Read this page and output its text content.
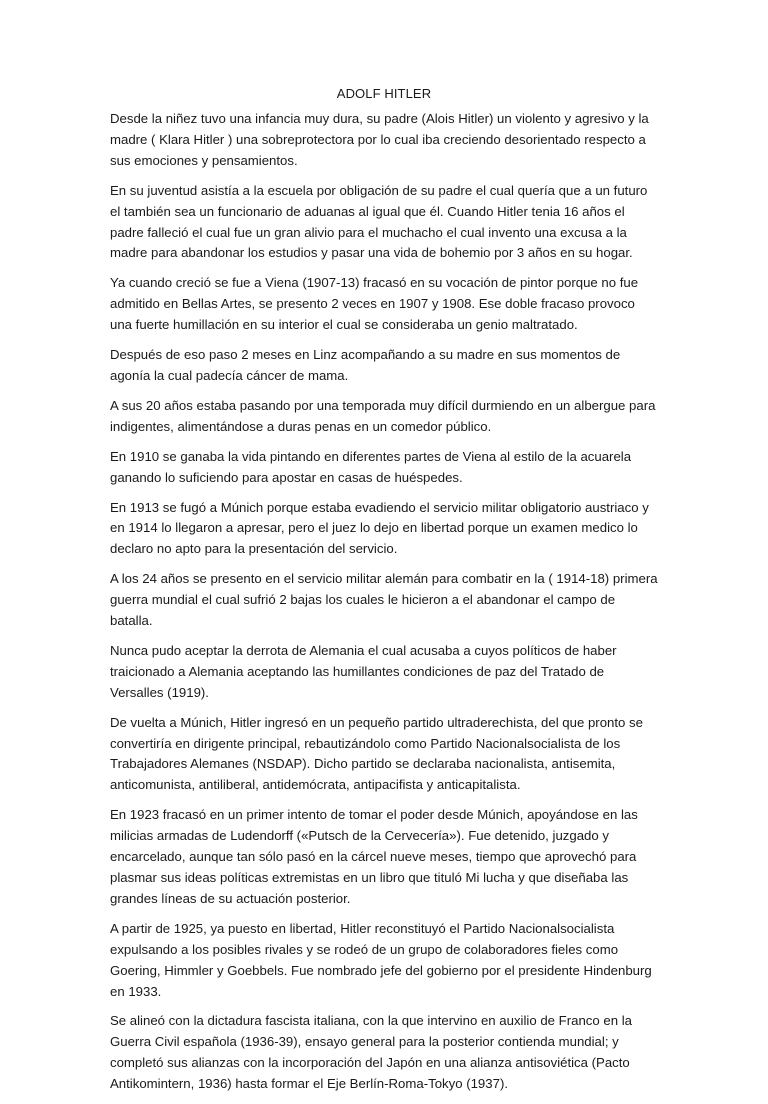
ADOLF HITLER

Desde la niñez tuvo una infancia muy dura, su padre (Alois Hitler) un violento y agresivo y la madre ( Klara Hitler ) una sobreprotectora por lo cual iba creciendo desorientado respecto a sus emociones y pensamientos.

En su juventud asistía a la escuela por obligación de su padre el cual quería que a un futuro el también sea un funcionario de aduanas al igual que él. Cuando Hitler tenia 16 años el padre falleció el cual fue un gran alivio para el muchacho el cual invento una excusa a la madre para abandonar los estudios y pasar una vida de bohemio por 3 años en su hogar.

Ya cuando creció se fue a Viena (1907-13) fracasó en su vocación de pintor porque no fue admitido en Bellas Artes, se presento 2 veces en 1907 y 1908. Ese doble fracaso provoco una fuerte humillación en su interior el cual se consideraba un genio maltratado.

Después de eso paso 2 meses en Linz acompañando a su madre en sus momentos de agonía la cual padecía cáncer de mama.

A sus 20 años estaba pasando por una temporada muy difícil durmiendo en un albergue para indigentes, alimentándose a duras penas en un comedor público.

En 1910 se ganaba la vida pintando en diferentes partes de Viena al estilo de la acuarela ganando lo suficiendo para apostar en casas de huéspedes.

En 1913 se fugó a Múnich porque estaba evadiendo el servicio militar obligatorio austriaco y en 1914 lo llegaron a apresar, pero el juez lo dejo en libertad porque un examen medico lo declaro no apto para la presentación del servicio.

A los 24 años se presento en el servicio militar alemán para combatir en la ( 1914-18) primera guerra mundial el cual sufrió 2 bajas los cuales le hicieron a el abandonar el campo de batalla.

Nunca pudo aceptar la derrota de Alemania el cual acusaba a cuyos políticos de haber traicionado a Alemania aceptando las humillantes condiciones de paz del Tratado de Versalles (1919).

De vuelta a Múnich, Hitler ingresó en un pequeño partido ultraderechista, del que pronto se convertiría en dirigente principal, rebautizándolo como Partido Nacionalsocialista de los Trabajadores Alemanes (NSDAP). Dicho partido se declaraba nacionalista, antisemita, anticomunista, antiliberal, antidemócrata, antipacifista y anticapitalista.

En 1923 fracasó en un primer intento de tomar el poder desde Múnich, apoyándose en las milicias armadas de Ludendorff («Putsch de la Cervecería»). Fue detenido, juzgado y encarcelado, aunque tan sólo pasó en la cárcel nueve meses, tiempo que aprovechó para plasmar sus ideas políticas extremistas en un libro que tituló Mi lucha y que diseñaba las grandes líneas de su actuación posterior.

A partir de 1925, ya puesto en libertad, Hitler reconstituyó el Partido Nacionalsocialista expulsando a los posibles rivales y se rodeó de un grupo de colaboradores fieles como Goering, Himmler y Goebbels. Fue nombrado jefe del gobierno por el presidente Hindenburg en 1933.

Se alineó con la dictadura fascista italiana, con la que intervino en auxilio de Franco en la Guerra Civil española (1936-39), ensayo general para la posterior contienda mundial; y completó sus alianzas con la incorporación del Japón en una alianza antisoviética (Pacto Antikomintern, 1936) hasta formar el Eje Berlín-Roma-Tokyo (1937).
